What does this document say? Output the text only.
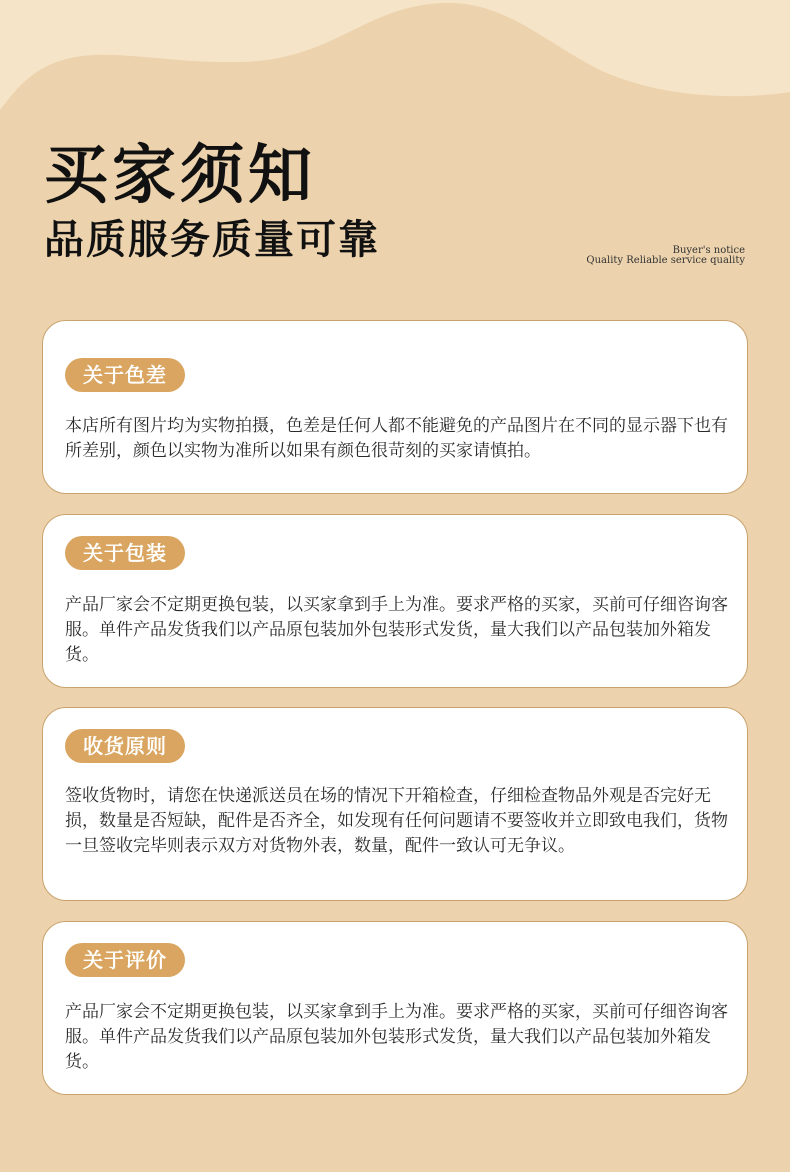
买家须知
品质服务质量可靠	Buyer's notice
Quality Reliable service quality
关于色差
本店所有图片均为实物拍摄，色差是任何人都不能避免的产品图片在不同的显示器下也有所差别，颜色以实物为准所以如果有颜色很苛刻的买家请慎拍。
关于包装
产品厂家会不定期更换包装，以买家拿到手上为准。要求严格的买家，买前可仔细咨询客服。单件产品发货我们以产品原包装加外包装形式发货，量大我们以产品包装加外箱发货。
收货原则
签收货物时，请您在快递派送员在场的情况下开箱检查，仔细检查物品外观是否完好无损，数量是否短缺，配件是否齐全，如发现有任何问题请不要签收并立即致电我们，货物一旦签收完毕则表示双方对货物外表，数量，配件一致认可无争议。
关于评价
产品厂家会不定期更换包装，以买家拿到手上为准。要求严格的买家，买前可仔细咨询客服。单件产品发货我们以产品原包装加外包装形式发货，量大我们以产品包装加外箱发货。
